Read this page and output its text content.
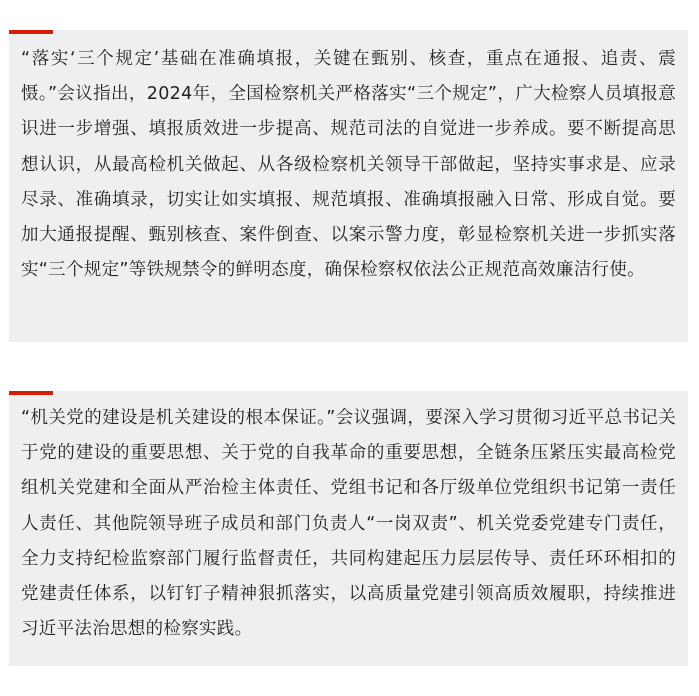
“落实‘三个规定’基础在准确填报，关键在甄别、核查，重点在通报、追责、震慑。”会议指出，2024年，全国检察机关严格落实“三个规定”，广大检察人员填报意识进一步增强、填报质效进一步提高、规范司法的自觉进一步养成。要不断提高思想认识，从最高检机关做起、从各级检察机关领导干部做起，坚持实事求是、应录尽录、准确填录，切实让如实填报、规范填报、准确填报融入日常、形成自觉。要加大通报提醒、甄别核查、案件倒查、以案示警力度，彰显检察机关进一步抓实落实“三个规定”等铁规禁令的鲜明态度，确保检察权依法公正规范高效廉洁行使。

“机关党的建设是机关建设的根本保证。”会议强调，要深入学习贯彻习近平总书记关于党的建设的重要思想、关于党的自我革命的重要思想，全链条压紧压实最高检党组机关党建和全面从严治检主体责任、党组书记和各厅级单位党组织书记第一责任人责任、其他院领导班子成员和部门负责人“一岗双责”、机关党委党建专门责任，全力支持纪检监察部门履行监督责任，共同构建起压力层层传导、责任环环相扣的党建责任体系，以钉钉子精神狠抓落实，以高质量党建引领高质效履职，持续推进习近平法治思想的检察实践。
